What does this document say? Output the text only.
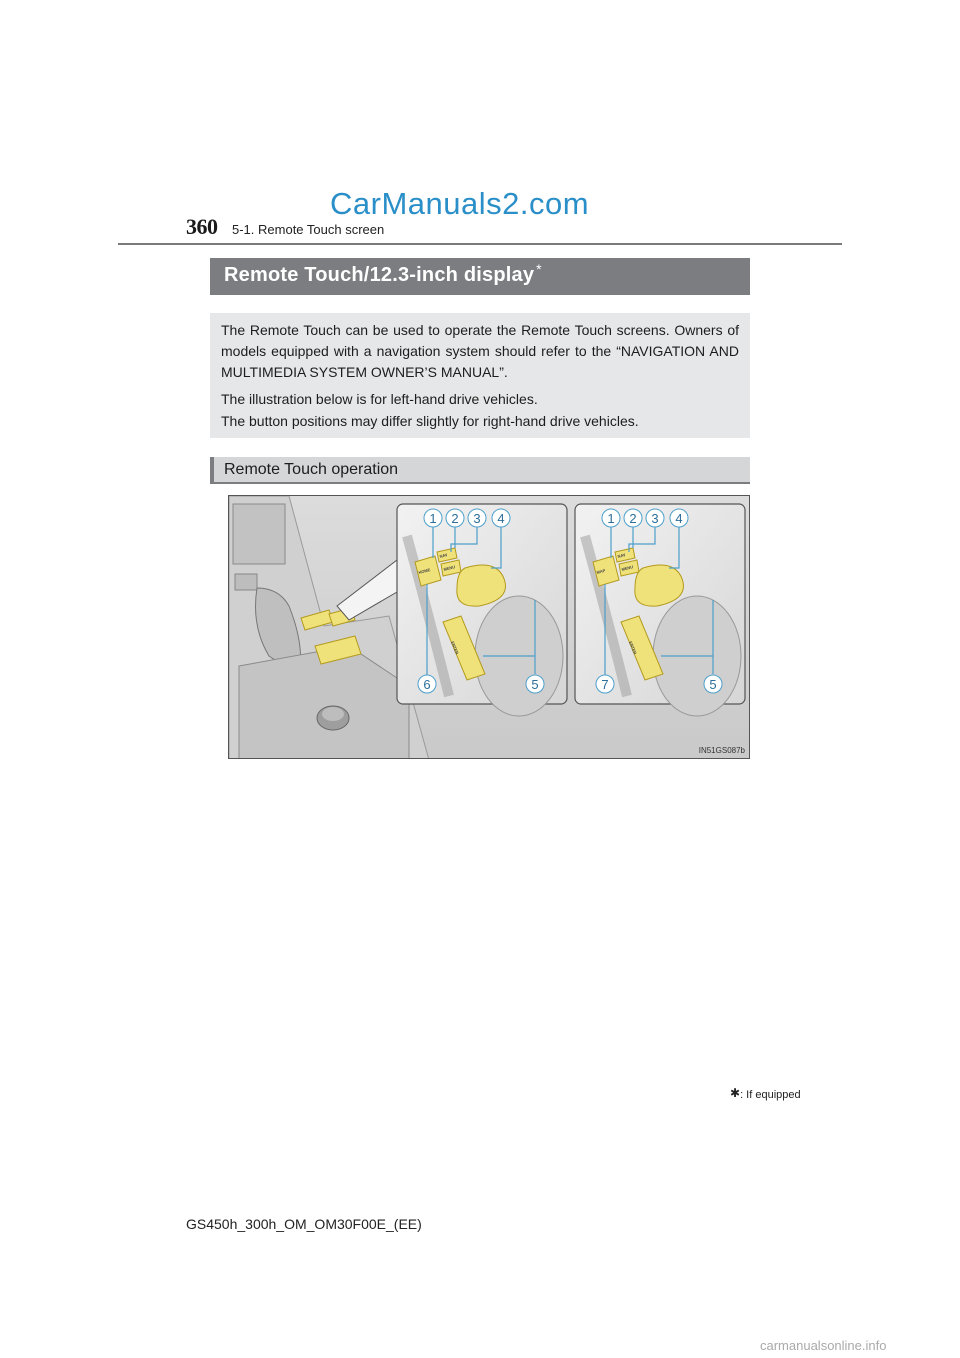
360 5-1. Remote Touch screen
CarManuals2.com
Remote Touch/12.3-inch display *

The Remote Touch can be used to operate the Remote Touch screens. Owners of models equipped with a navigation system should refer to the “NAVIGATION AND MULTIMEDIA SYSTEM OWNER’S MANUAL”.

The illustration below is for left-hand drive vehicles.

The button positions may differ slightly for right-hand drive vehicles.

Remote Touch operation
1 2 3 4
6	5
1 2 3 4
7	5
HOME
NAV
MENU
ENTER
MAP
NAV
MENU
ENTER
IN51GS087b
✱: If equipped
GS450h_300h_OM_OM30F00E_(EE)
carmanualsonline.info
